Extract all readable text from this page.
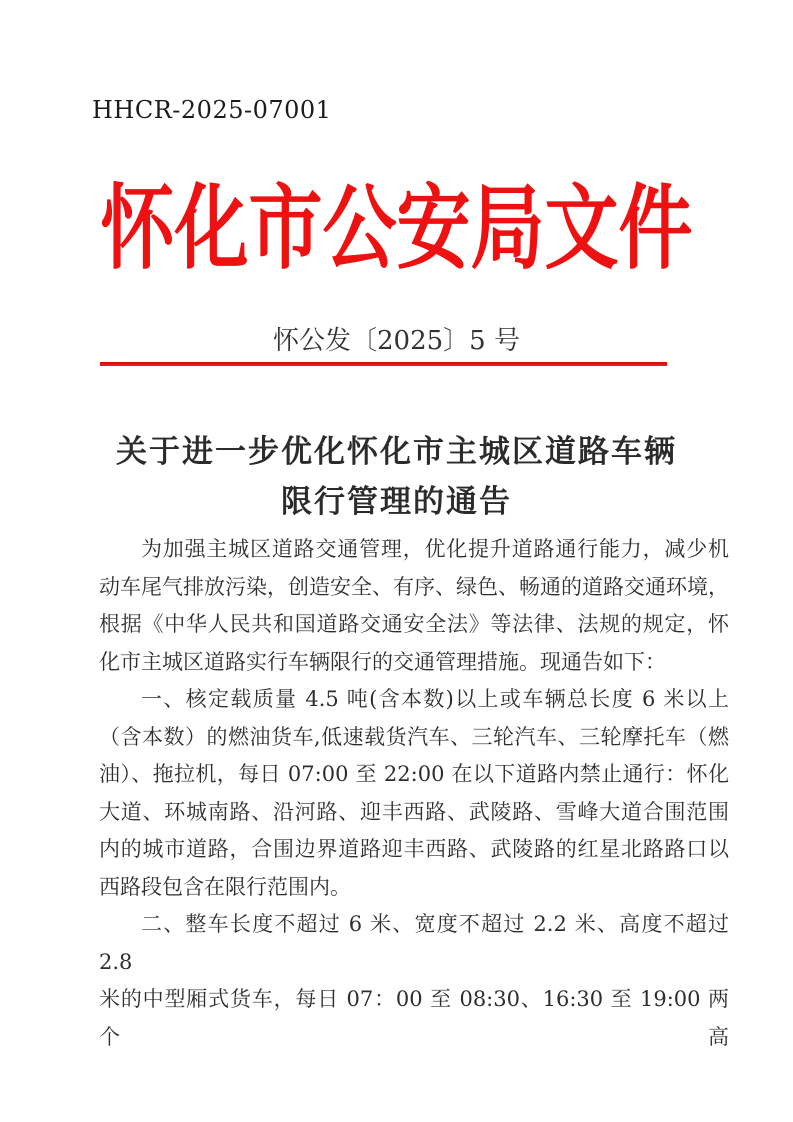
HHCR-2025-07001
怀化市公安局文件
怀公发〔2025〕5 号
关于进一步优化怀化市主城区道路车辆
限行管理的通告
为加强主城区道路交通管理，优化提升道路通行能力，减少机
动车尾气排放污染，创造安全、有序、绿色、畅通的道路交通环境，
根据《中华人民共和国道路交通安全法》等法律、法规的规定，怀
化市主城区道路实行车辆限行的交通管理措施。现通告如下：
一、核定载质量 4.5 吨(含本数)以上或车辆总长度 6 米以上
（含本数）的燃油货车,低速载货汽车、三轮汽车、三轮摩托车（燃
油）、拖拉机，每日 07:00 至 22:00 在以下道路内禁止通行：怀化
大道、环城南路、沿河路、迎丰西路、武陵路、雪峰大道合围范围
内的城市道路，合围边界道路迎丰西路、武陵路的红星北路路口以
西路段包含在限行范围内。
二、整车长度不超过 6 米、宽度不超过 2.2 米、高度不超过 2.8
米的中型厢式货车，每日 07：00 至 08:30、16:30 至 19:00 两个高
